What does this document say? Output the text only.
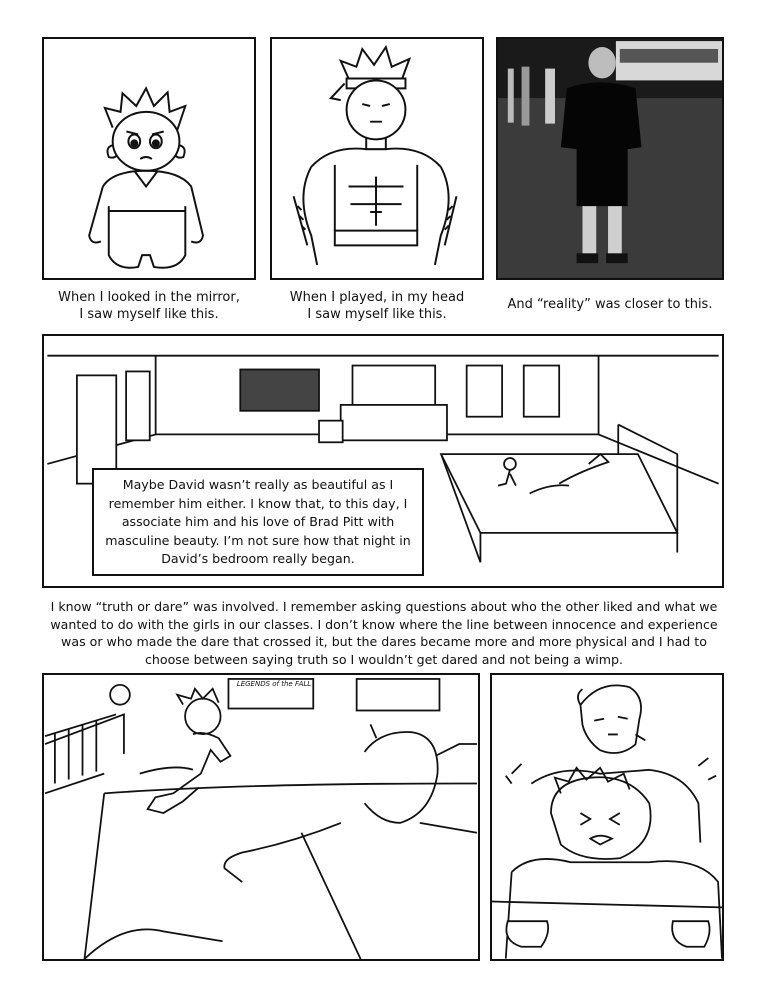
When I looked in the mirror,
I saw myself like this.
When I played, in my head
I saw myself like this.
And “reality” was closer to this.
Maybe David wasn’t really as beautiful as I remember him either. I know that, to this day, I associate him and his love of Brad Pitt with masculine beauty. I’m not sure how that night in David’s bedroom really began.
I know “truth or dare” was involved. I remember asking questions about who the other liked and what we wanted to do with the girls in our classes. I don’t know where the line between innocence and experience was or who made the dare that crossed it, but the dares became more and more physical and I had to choose between saying truth so I wouldn’t get dared and not being a wimp.
LEGENDS of the FALL
